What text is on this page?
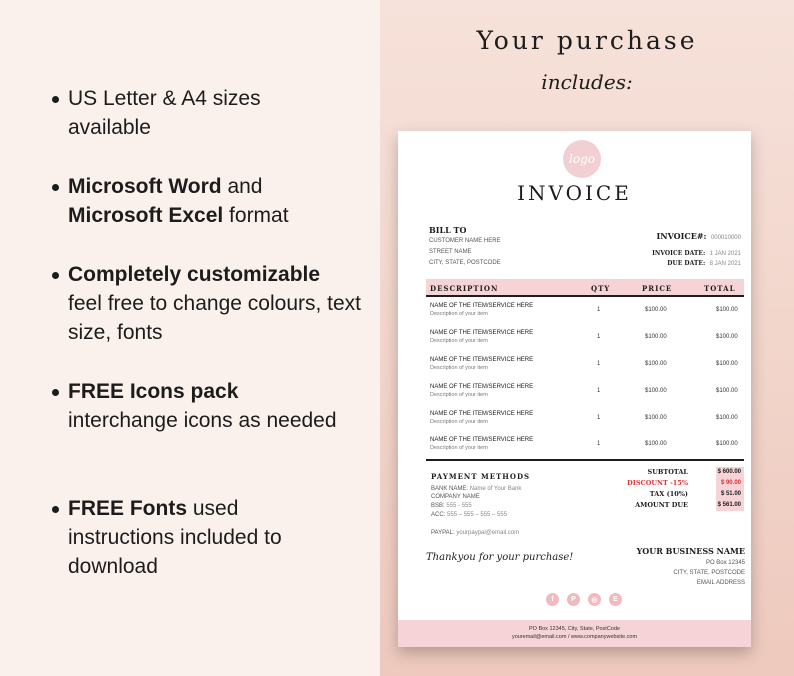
US Letter & A4 sizes
available
Microsoft Word and
Microsoft Excel format
Completely customizable
feel free to change colours, text size, fonts
FREE Icons pack
interchange icons as needed
FREE Fonts used
instructions included to download
Your purchase
includes:
logo
INVOICE
BILL TO
CUSTOMER NAME HERE
STREET NAME
CITY, STATE, POSTCODE
INVOICE#: 000010000
INVOICE DATE: 1 JAN 2021
DUE DATE: 8 JAN 2021
DESCRIPTION	QTY	PRICE	TOTAL
NAME OF THE ITEM/SERVICE HERE
Description of your item
1	$100.00	$100.00
NAME OF THE ITEM/SERVICE HERE
Description of your item
1	$100.00	$100.00
NAME OF THE ITEM/SERVICE HERE
Description of your item
1	$100.00	$100.00
NAME OF THE ITEM/SERVICE HERE
Description of your item
1	$100.00	$100.00
NAME OF THE ITEM/SERVICE HERE
Description of your item
1	$100.00	$100.00
NAME OF THE ITEM/SERVICE HERE
Description of your item
1	$100.00	$100.00
PAYMENT METHODS
BANK NAME: Name of Your Bank
COMPANY NAME
BSB: 555 - 555
ACC: 555 – 555 – 555 – 555
PAYPAL: yourpaypal@email.com
SUBTOTAL	$ 600.00
DISCOUNT -15%	$ 90.00
TAX (10%)	$ 51.00
AMOUNT DUE	$ 561.00
Thankyou for your purchase!
YOUR BUSINESS NAME
PO Box 12345
CITY, STATE, POSTCODE
EMAIL ADDRESS
f	P	◎	E
PO Box 12345, City, State, PostCode
youremail@email.com / www.companywebsite.com
